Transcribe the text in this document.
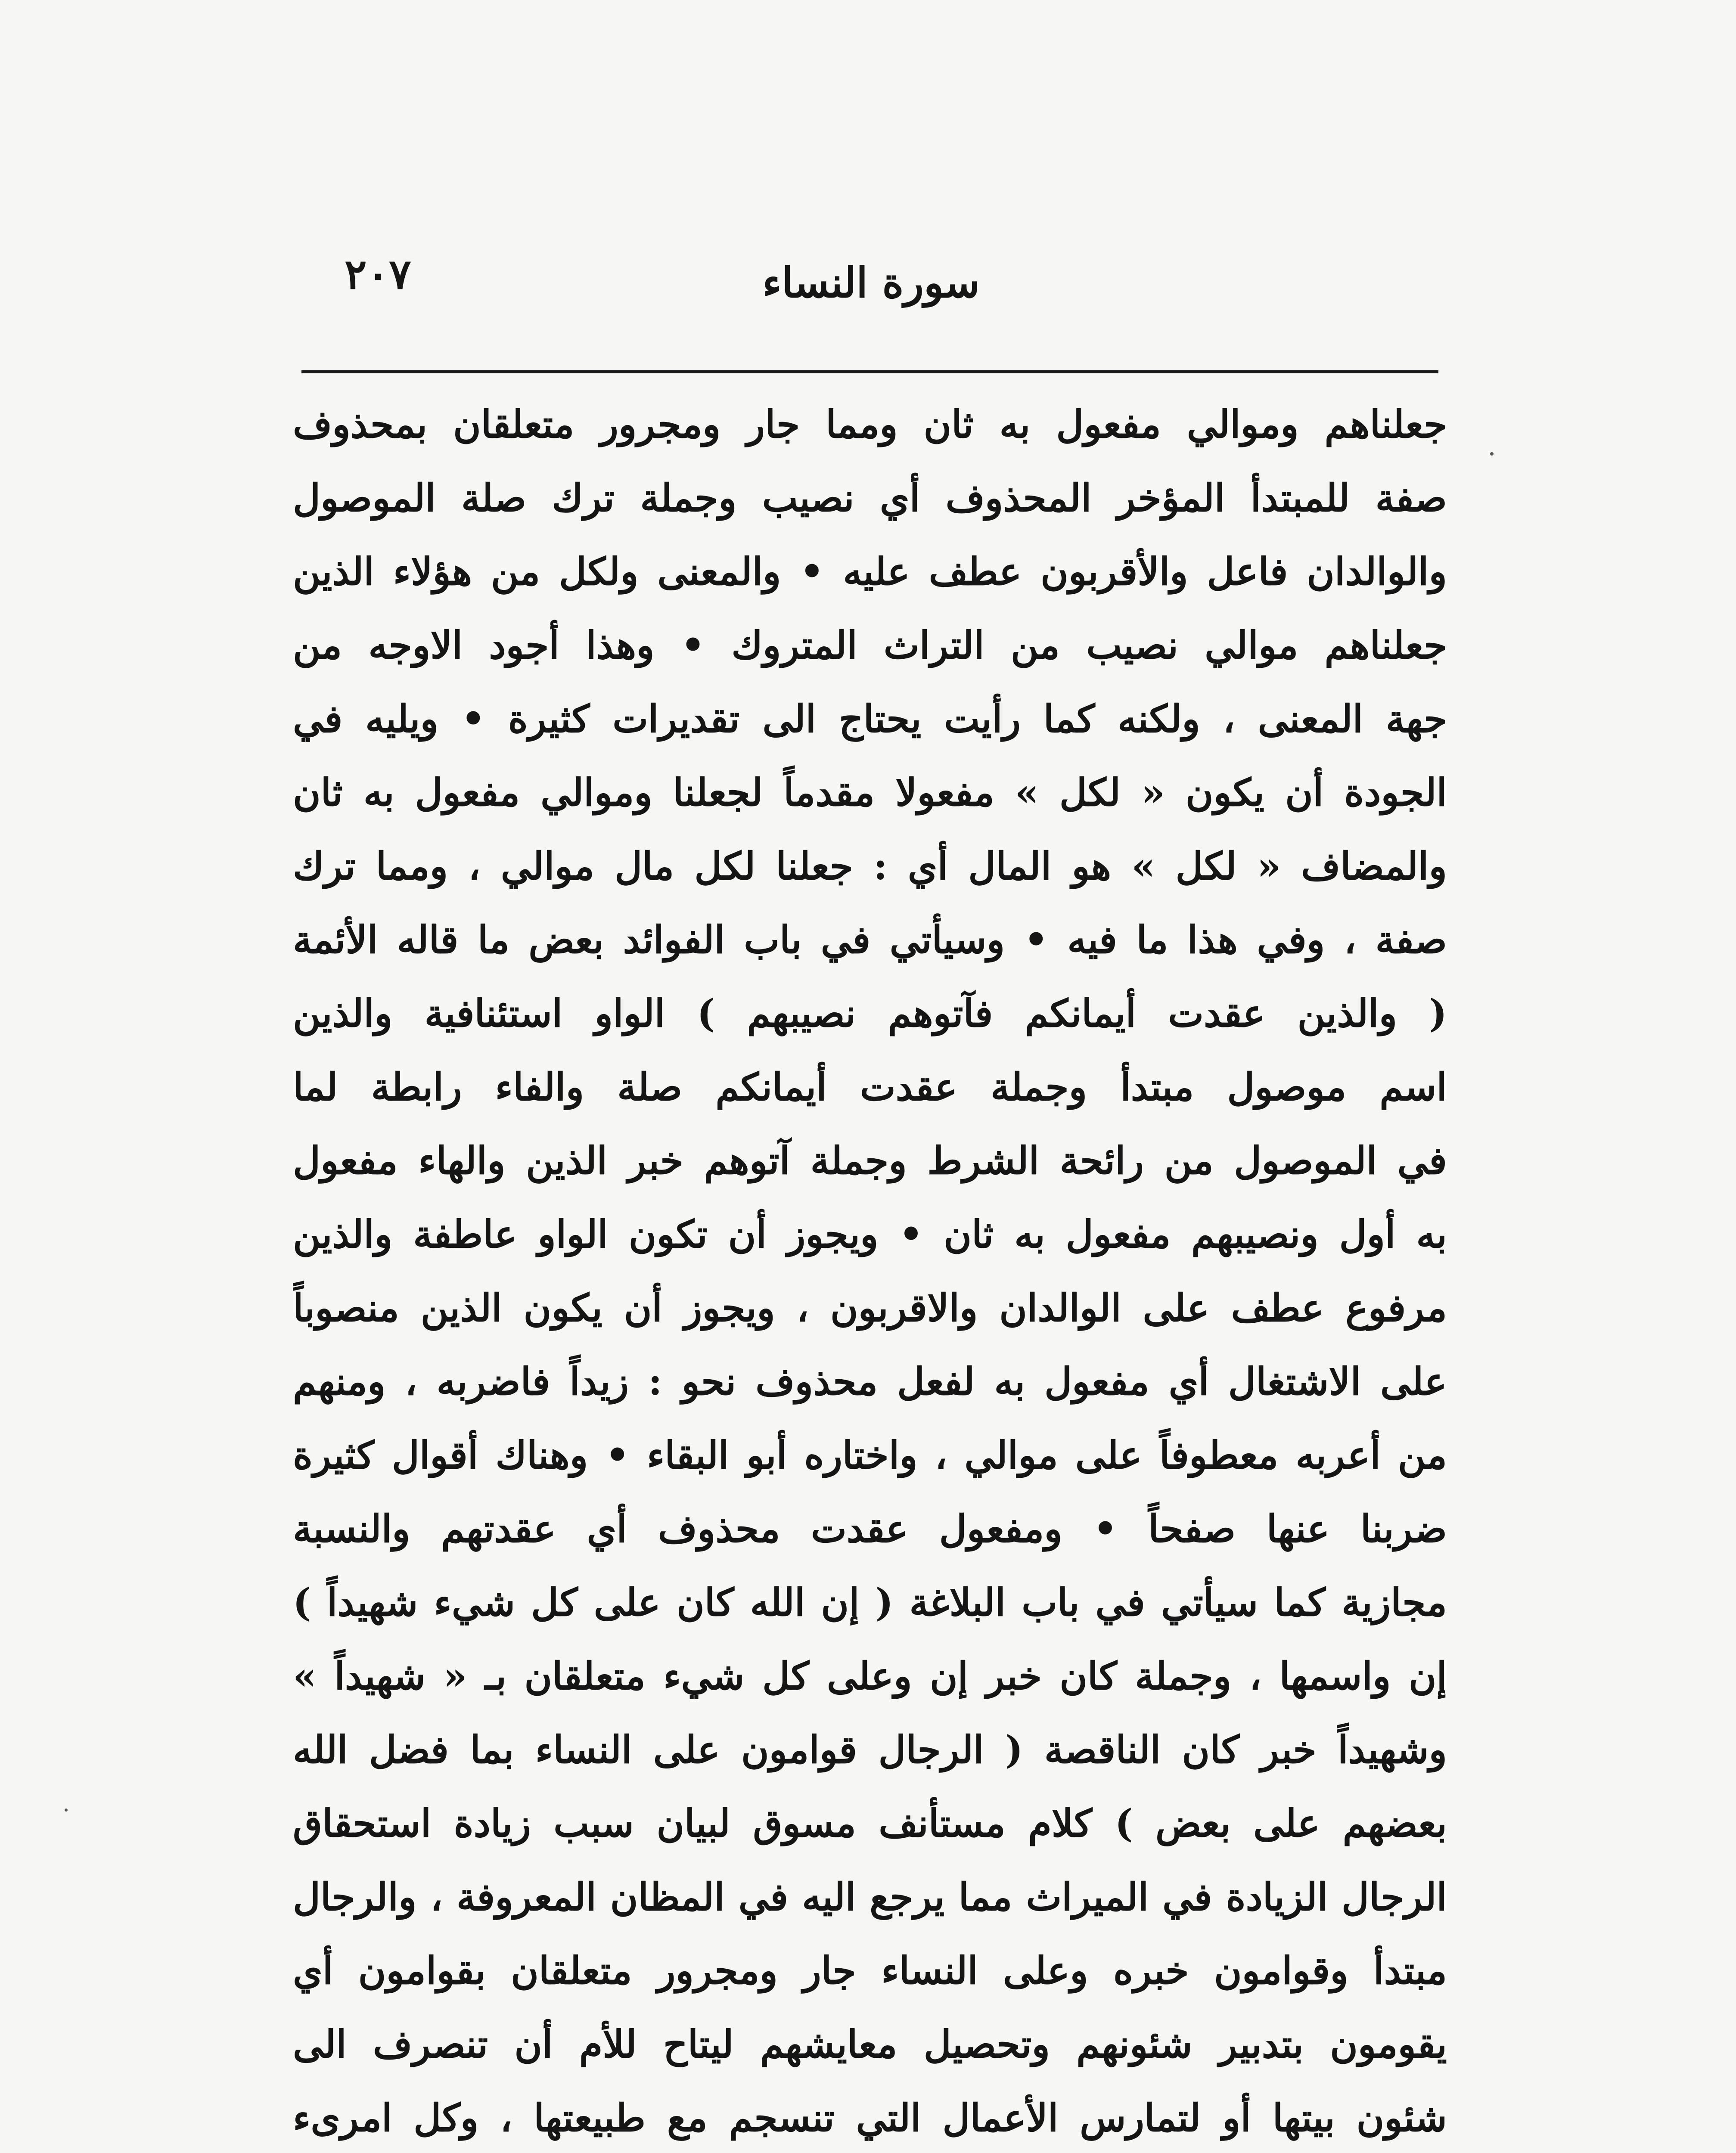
٢٠٧	سورة النساء
جعلناهم وموالي مفعول به ثان ومما جار ومجرور متعلقان بمحذوف
صفة للمبتدأ المؤخر المحذوف أي نصيب وجملة ترك صلة الموصول
والوالدان فاعل والأقربون عطف عليه • والمعنى ولكل من هؤلاء الذين
جعلناهم موالي نصيب من التراث المتروك • وهذا أجود الاوجه من
جهة المعنى ، ولكنه كما رأيت يحتاج الى تقديرات كثيرة • ويليه في
الجودة أن يكون « لكل » مفعولا مقدماً لجعلنا وموالي مفعول به ثان
والمضاف « لكل » هو المال أي : جعلنا لكل مال موالي ، ومما ترك
صفة ، وفي هذا ما فيه • وسيأتي في باب الفوائد بعض ما قاله الأئمة
( والذين عقدت أيمانكم فآتوهم نصيبهم ) الواو استئنافية والذين
اسم موصول مبتدأ وجملة عقدت أيمانكم صلة والفاء رابطة لما
في الموصول من رائحة الشرط وجملة آتوهم خبر الذين والهاء مفعول
به أول ونصيبهم مفعول به ثان • ويجوز أن تكون الواو عاطفة والذين
مرفوع عطف على الوالدان والاقربون ، ويجوز أن يكون الذين منصوباً
على الاشتغال أي مفعول به لفعل محذوف نحو : زيداً فاضربه ، ومنهم
من أعربه معطوفاً على موالي ، واختاره أبو البقاء • وهناك أقوال كثيرة
ضربنا عنها صفحاً • ومفعول عقدت محذوف أي عقدتهم والنسبة
مجازية كما سيأتي في باب البلاغة ( إن الله كان على كل شيء شهيداً )
إن واسمها ، وجملة كان خبر إن وعلى كل شيء متعلقان بـ « شهيداً »
وشهيداً خبر كان الناقصة ( الرجال قوامون على النساء بما فضل الله
بعضهم على بعض ) كلام مستأنف مسوق لبيان سبب زيادة استحقاق
الرجال الزيادة في الميراث مما يرجع اليه في المظان المعروفة ، والرجال
مبتدأ وقوامون خبره وعلى النساء جار ومجرور متعلقان بقوامون أي
يقومون بتدبير شئونهم وتحصيل معايشهم ليتاح للأم أن تنصرف الى
شئون بيتها أو لتمارس الأعمال التي تنسجم مع طبيعتها ، وكل امرىء
